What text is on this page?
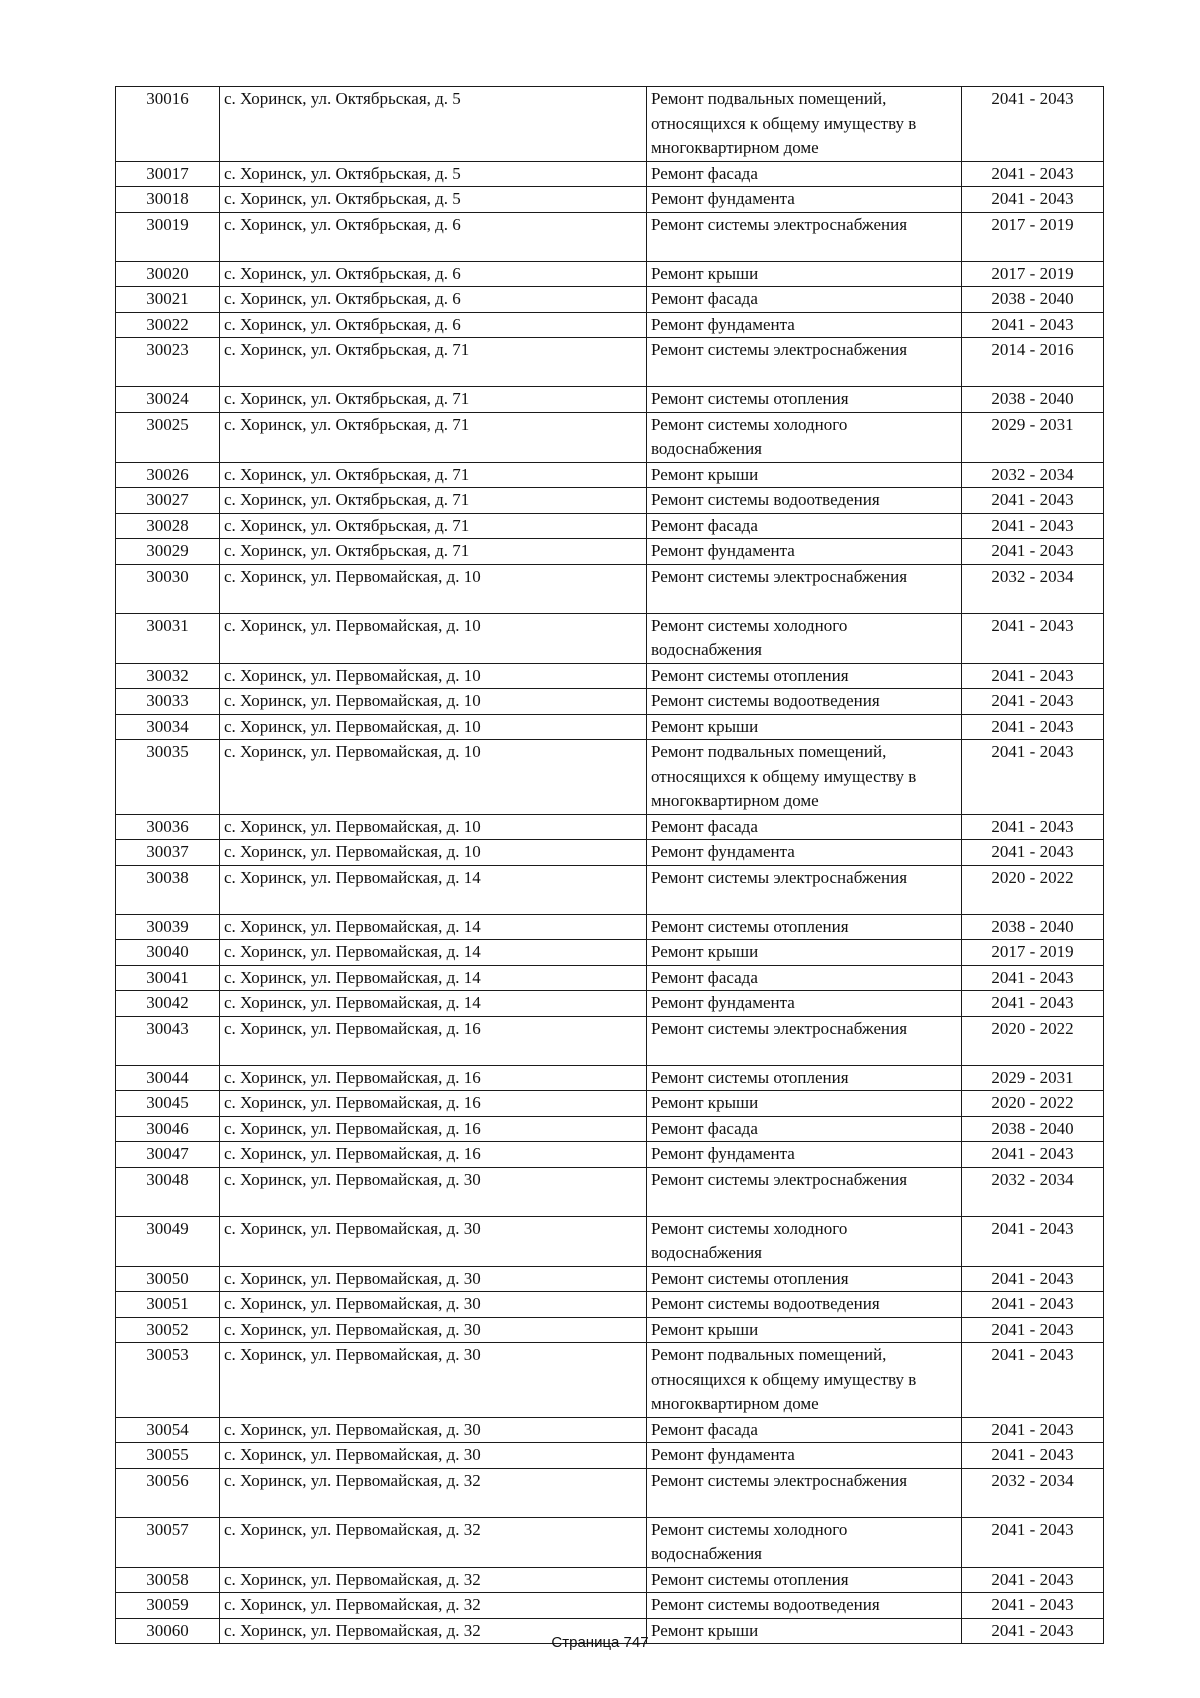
30016	с. Хоринск, ул. Октябрьская, д. 5	Ремонт подвальных помещений, относящихся к общему имуществу в многоквартирном доме	2041 - 2043
30017	с. Хоринск, ул. Октябрьская, д. 5	Ремонт фасада	2041 - 2043
30018	с. Хоринск, ул. Октябрьская, д. 5	Ремонт фундамента	2041 - 2043
30019	с. Хоринск, ул. Октябрьская, д. 6	Ремонт системы электроснабжения	2017 - 2019
30020	с. Хоринск, ул. Октябрьская, д. 6	Ремонт крыши	2017 - 2019
30021	с. Хоринск, ул. Октябрьская, д. 6	Ремонт фасада	2038 - 2040
30022	с. Хоринск, ул. Октябрьская, д. 6	Ремонт фундамента	2041 - 2043
30023	с. Хоринск, ул. Октябрьская, д. 71	Ремонт системы электроснабжения	2014 - 2016
30024	с. Хоринск, ул. Октябрьская, д. 71	Ремонт системы отопления	2038 - 2040
30025	с. Хоринск, ул. Октябрьская, д. 71	Ремонт системы холодного водоснабжения	2029 - 2031
30026	с. Хоринск, ул. Октябрьская, д. 71	Ремонт крыши	2032 - 2034
30027	с. Хоринск, ул. Октябрьская, д. 71	Ремонт системы водоотведения	2041 - 2043
30028	с. Хоринск, ул. Октябрьская, д. 71	Ремонт фасада	2041 - 2043
30029	с. Хоринск, ул. Октябрьская, д. 71	Ремонт фундамента	2041 - 2043
30030	с. Хоринск, ул. Первомайская, д. 10	Ремонт системы электроснабжения	2032 - 2034
30031	с. Хоринск, ул. Первомайская, д. 10	Ремонт системы холодного водоснабжения	2041 - 2043
30032	с. Хоринск, ул. Первомайская, д. 10	Ремонт системы отопления	2041 - 2043
30033	с. Хоринск, ул. Первомайская, д. 10	Ремонт системы водоотведения	2041 - 2043
30034	с. Хоринск, ул. Первомайская, д. 10	Ремонт крыши	2041 - 2043
30035	с. Хоринск, ул. Первомайская, д. 10	Ремонт подвальных помещений, относящихся к общему имуществу в многоквартирном доме	2041 - 2043
30036	с. Хоринск, ул. Первомайская, д. 10	Ремонт фасада	2041 - 2043
30037	с. Хоринск, ул. Первомайская, д. 10	Ремонт фундамента	2041 - 2043
30038	с. Хоринск, ул. Первомайская, д. 14	Ремонт системы электроснабжения	2020 - 2022
30039	с. Хоринск, ул. Первомайская, д. 14	Ремонт системы отопления	2038 - 2040
30040	с. Хоринск, ул. Первомайская, д. 14	Ремонт крыши	2017 - 2019
30041	с. Хоринск, ул. Первомайская, д. 14	Ремонт фасада	2041 - 2043
30042	с. Хоринск, ул. Первомайская, д. 14	Ремонт фундамента	2041 - 2043
30043	с. Хоринск, ул. Первомайская, д. 16	Ремонт системы электроснабжения	2020 - 2022
30044	с. Хоринск, ул. Первомайская, д. 16	Ремонт системы отопления	2029 - 2031
30045	с. Хоринск, ул. Первомайская, д. 16	Ремонт крыши	2020 - 2022
30046	с. Хоринск, ул. Первомайская, д. 16	Ремонт фасада	2038 - 2040
30047	с. Хоринск, ул. Первомайская, д. 16	Ремонт фундамента	2041 - 2043
30048	с. Хоринск, ул. Первомайская, д. 30	Ремонт системы электроснабжения	2032 - 2034
30049	с. Хоринск, ул. Первомайская, д. 30	Ремонт системы холодного водоснабжения	2041 - 2043
30050	с. Хоринск, ул. Первомайская, д. 30	Ремонт системы отопления	2041 - 2043
30051	с. Хоринск, ул. Первомайская, д. 30	Ремонт системы водоотведения	2041 - 2043
30052	с. Хоринск, ул. Первомайская, д. 30	Ремонт крыши	2041 - 2043
30053	с. Хоринск, ул. Первомайская, д. 30	Ремонт подвальных помещений, относящихся к общему имуществу в многоквартирном доме	2041 - 2043
30054	с. Хоринск, ул. Первомайская, д. 30	Ремонт фасада	2041 - 2043
30055	с. Хоринск, ул. Первомайская, д. 30	Ремонт фундамента	2041 - 2043
30056	с. Хоринск, ул. Первомайская, д. 32	Ремонт системы электроснабжения	2032 - 2034
30057	с. Хоринск, ул. Первомайская, д. 32	Ремонт системы холодного водоснабжения	2041 - 2043
30058	с. Хоринск, ул. Первомайская, д. 32	Ремонт системы отопления	2041 - 2043
30059	с. Хоринск, ул. Первомайская, д. 32	Ремонт системы водоотведения	2041 - 2043
30060	с. Хоринск, ул. Первомайская, д. 32	Ремонт крыши	2041 - 2043
Страница 747
